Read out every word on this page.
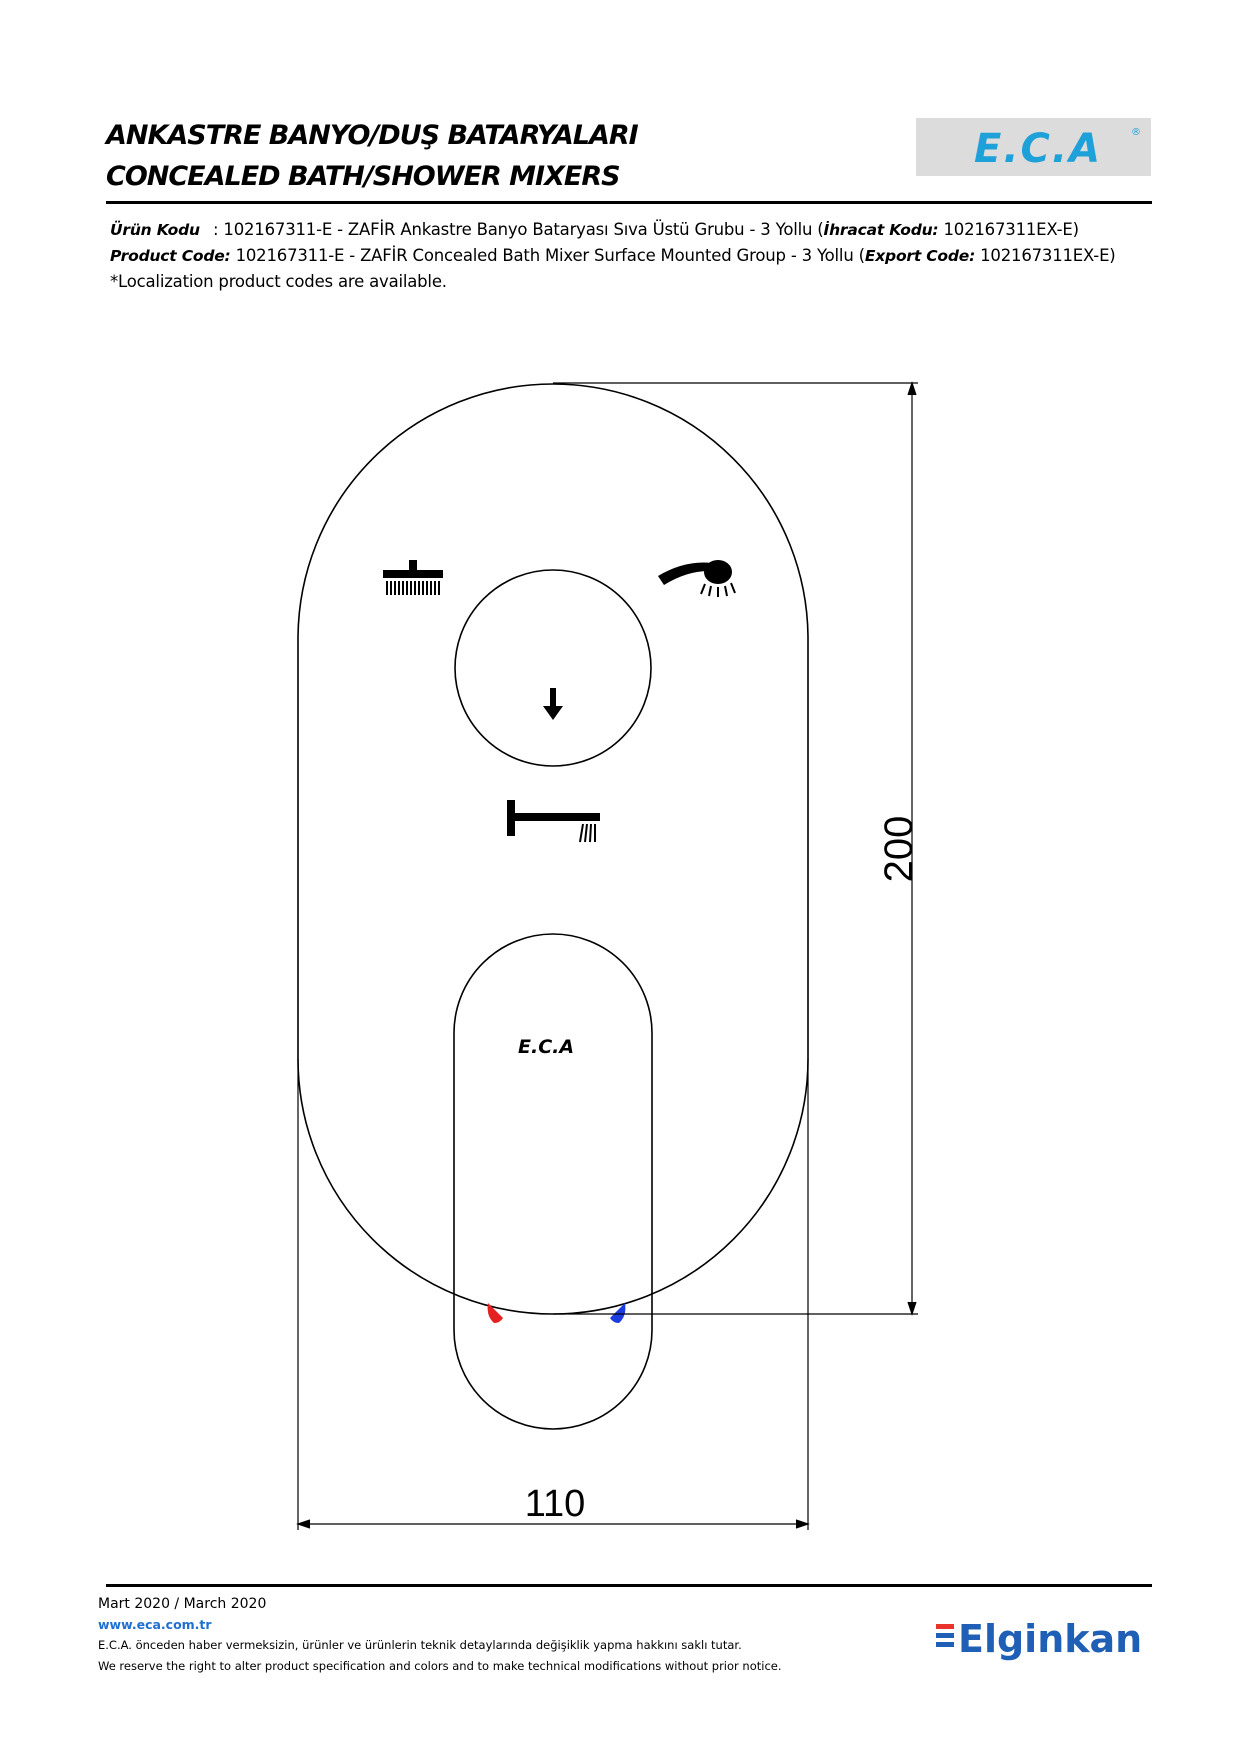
ANKASTRE BANYO/DUŞ BATARYALARI
CONCEALED BATH/SHOWER MIXERS
E.C.A	®
Ürün Kodu : 102167311-E - ZAFİR Ankastre Banyo Bataryası Sıva Üstü Grubu - 3 Yollu (İhracat Kodu: 102167311EX-E)
Product Code: 102167311-E - ZAFİR Concealed Bath Mixer Surface Mounted Group - 3 Yollu (Export Code: 102167311EX-E)
*Localization product codes are available.
E.C.A
200
110
Mart 2020 / March 2020
www.eca.com.tr
E.C.A. önceden haber vermeksizin, ürünler ve ürünlerin teknik detaylarında değişiklik yapma hakkını saklı tutar.
We reserve the right to alter product specification and colors and to make technical modifications without prior notice.
Elginkan
